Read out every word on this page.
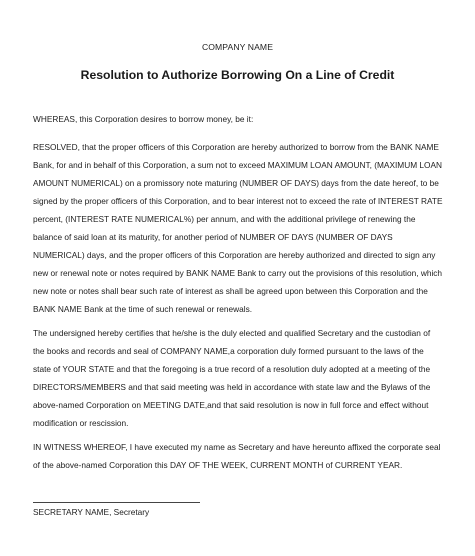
COMPANY NAME
Resolution to Authorize Borrowing On a Line of Credit

WHEREAS, this Corporation desires to borrow money, be it:

RESOLVED, that the proper officers of this Corporation are hereby authorized to borrow from the BANK NAME Bank, for and in behalf of this Corporation, a sum not to exceed MAXIMUM LOAN AMOUNT, (MAXIMUM LOAN AMOUNT NUMERICAL) on a promissory note maturing (NUMBER OF DAYS) days from the date hereof, to be signed by the proper officers of this Corporation, and to bear interest not to exceed the rate of INTEREST RATE percent, (INTEREST RATE NUMERICAL%) per annum, and with the additional privilege of renewing the balance of said loan at its maturity, for another period of NUMBER OF DAYS (NUMBER OF DAYS NUMERICAL) days, and the proper officers of this Corporation are hereby authorized and directed to sign any new or renewal note or notes required by BANK NAME Bank to carry out the provisions of this resolution, which new note or notes shall bear such rate of interest as shall be agreed upon between this Corporation and the BANK NAME Bank at the time of such renewal or renewals.

The undersigned hereby certifies that he/she is the duly elected and qualified Secretary and the custodian of the books and records and seal of COMPANY NAME,a corporation duly formed pursuant to the laws of the state of YOUR STATE and that the foregoing is a true record of a resolution duly adopted at a meeting of the DIRECTORS/MEMBERS and that said meeting was held in accordance with state law and the Bylaws of the above-named Corporation on MEETING DATE,and that said resolution is now in full force and effect without modification or rescission.

IN WITNESS WHEREOF, I have executed my name as Secretary and have hereunto affixed the corporate seal of the above-named Corporation this DAY OF THE WEEK, CURRENT MONTH of CURRENT YEAR.

SECRETARY NAME, Secretary
